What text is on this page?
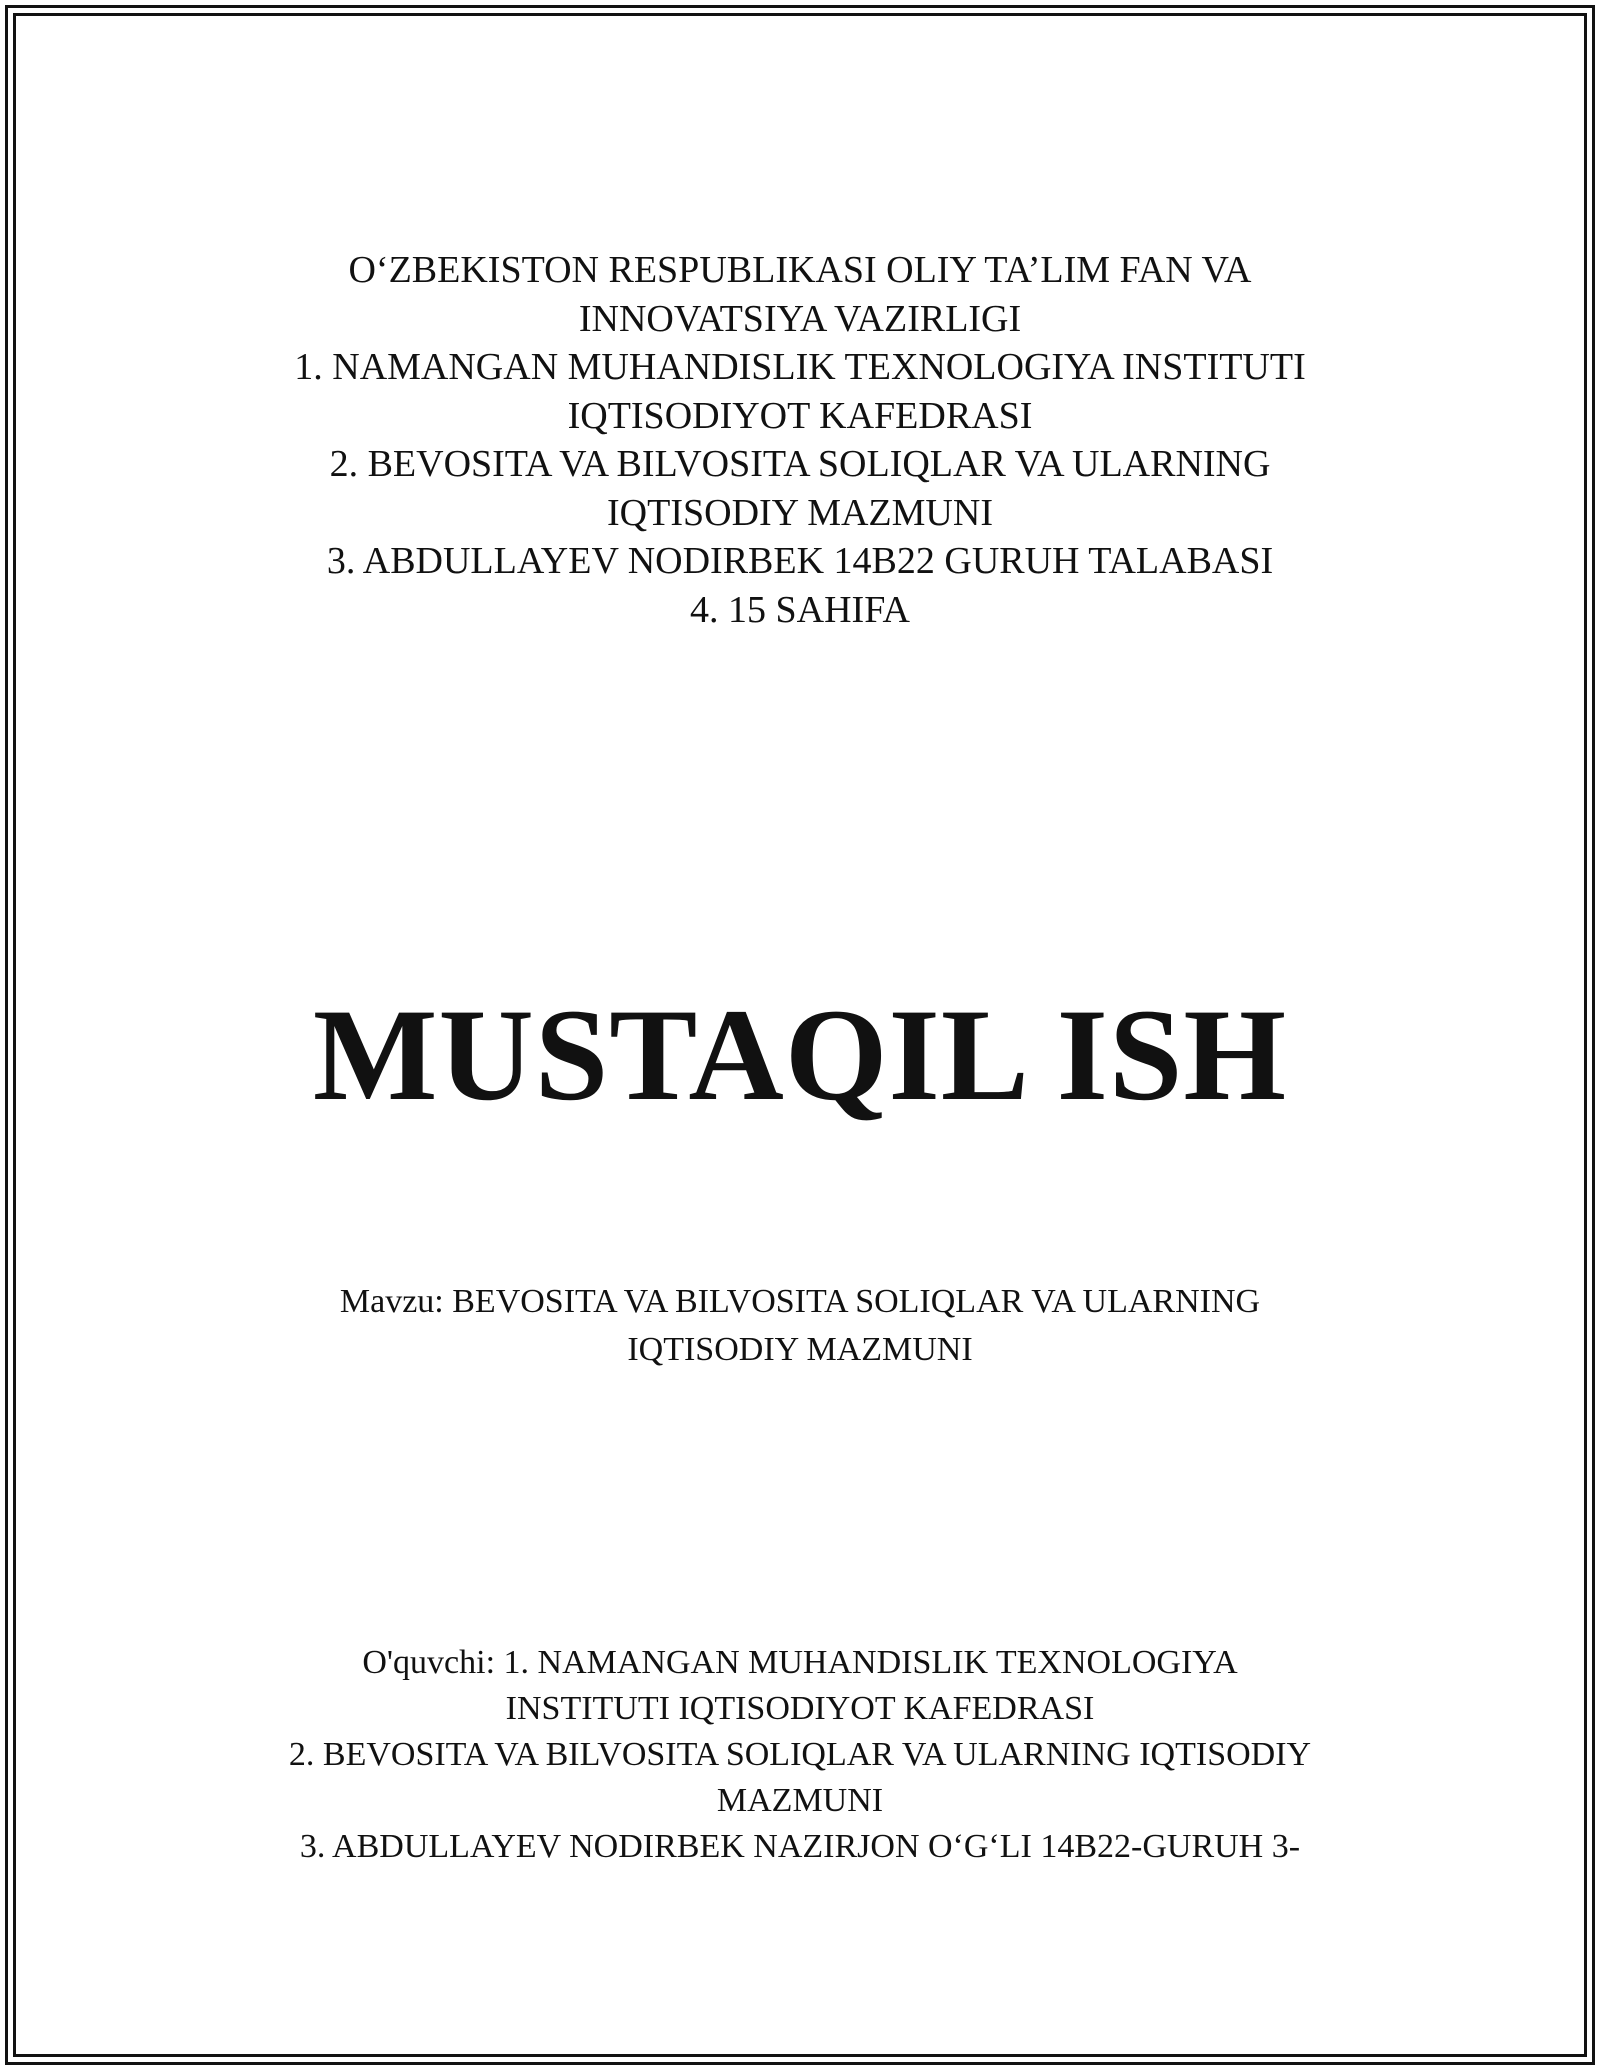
O‘ZBEKISTON RESPUBLIKASI OLIY TA’LIM FAN VA
INNOVATSIYA VAZIRLIGI
1. NAMANGAN MUHANDISLIK TEXNOLOGIYA INSTITUTI
IQTISODIYOT KAFEDRASI
2. BEVOSITA VA BILVOSITA SOLIQLAR VA ULARNING
IQTISODIY MAZMUNI
3. ABDULLAYEV NODIRBEK 14B22 GURUH TALABASI
4. 15 SAHIFA
MUSTAQIL ISH
Mavzu: BEVOSITA VA BILVOSITA SOLIQLAR VA ULARNING
IQTISODIY MAZMUNI
O'quvchi: 1. NAMANGAN MUHANDISLIK TEXNOLOGIYA
INSTITUTI IQTISODIYOT KAFEDRASI
2. BEVOSITA VA BILVOSITA SOLIQLAR VA ULARNING IQTISODIY
MAZMUNI
3. ABDULLAYEV NODIRBEK NAZIRJON O‘G‘LI 14B22-GURUH 3-
